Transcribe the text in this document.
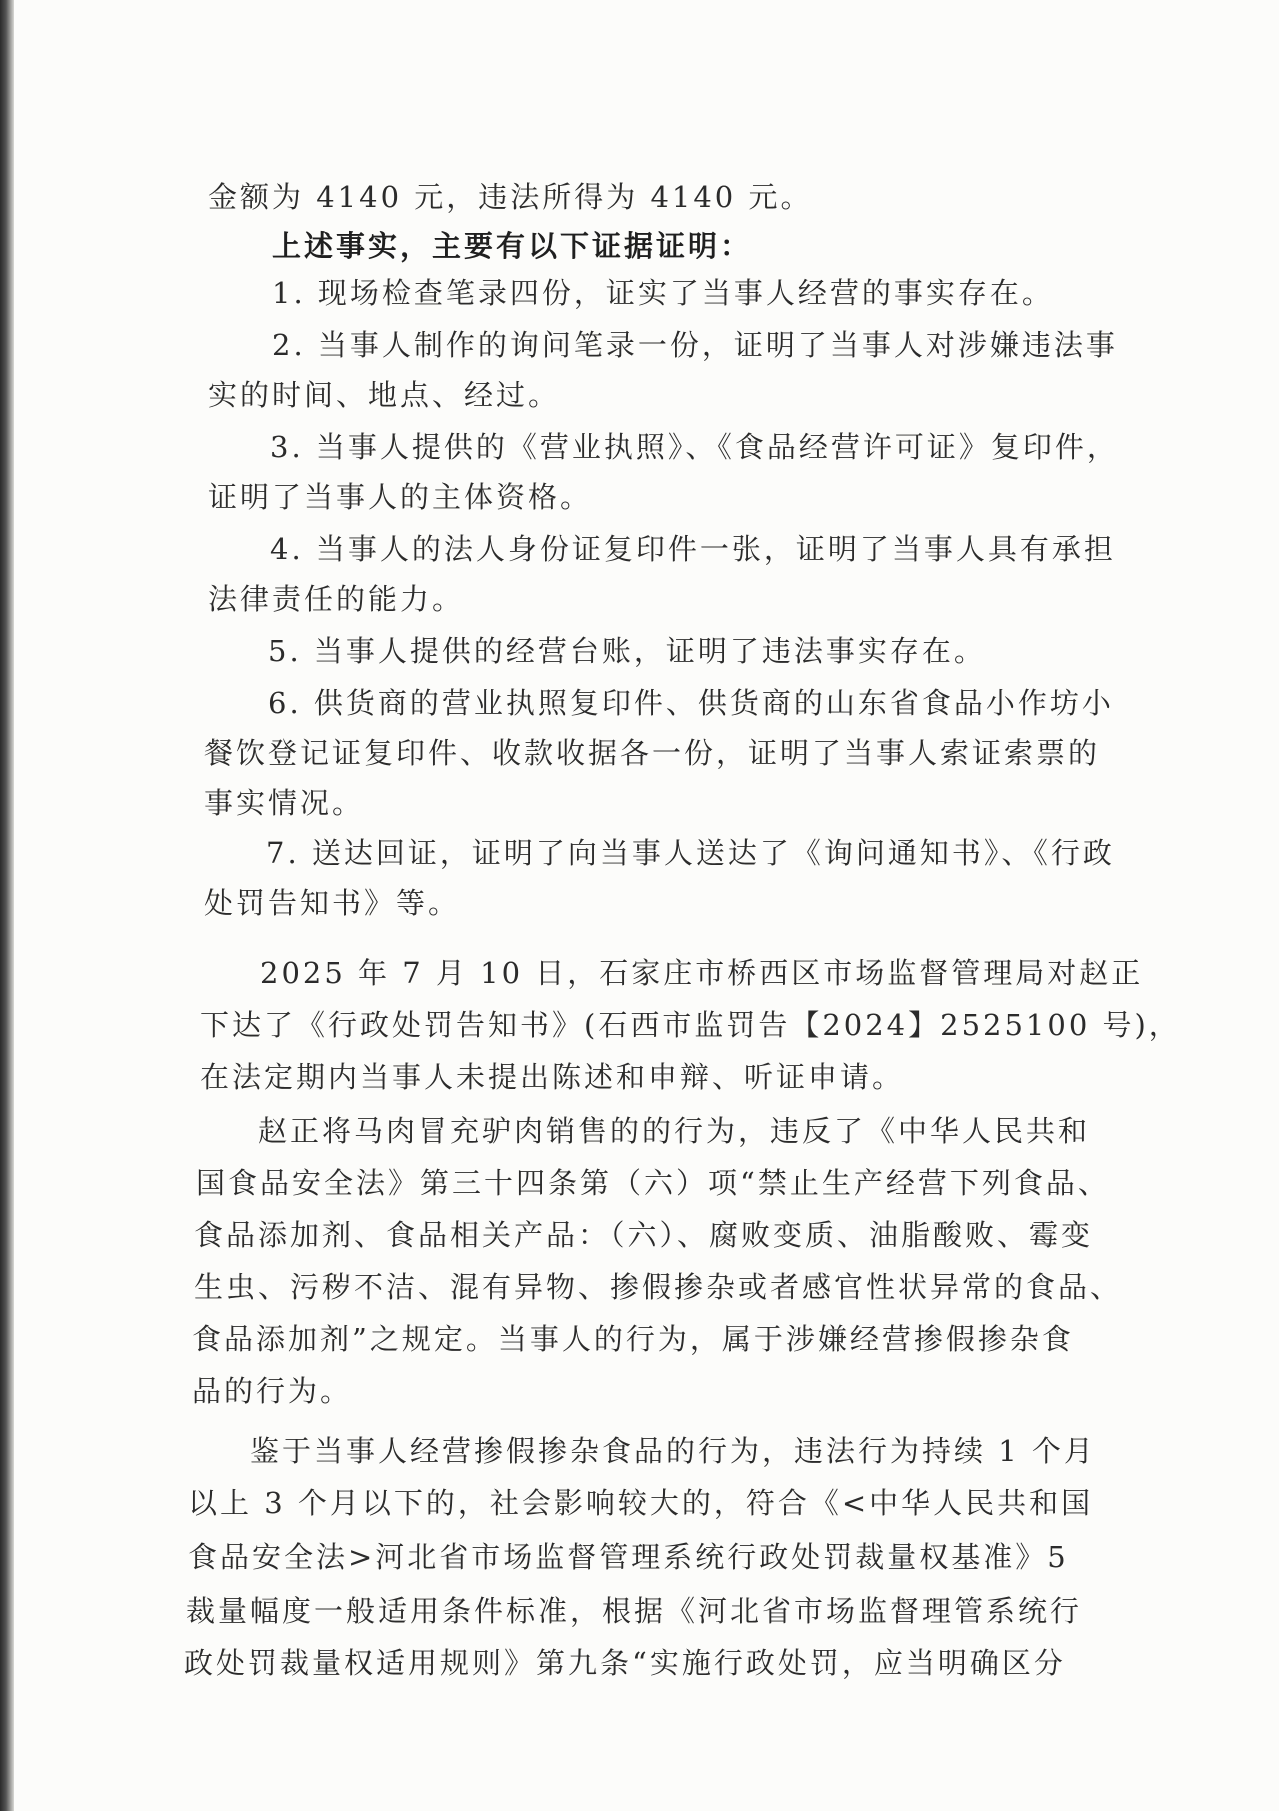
金额为 4140 元，违法所得为 4140 元。
上述事实，主要有以下证据证明：
1. 现场检查笔录四份，证实了当事人经营的事实存在。
2. 当事人制作的询问笔录一份，证明了当事人对涉嫌违法事
实的时间、地点、经过。
3. 当事人提供的《营业执照》、《食品经营许可证》复印件，
证明了当事人的主体资格。
4. 当事人的法人身份证复印件一张，证明了当事人具有承担
法律责任的能力。
5. 当事人提供的经营台账，证明了违法事实存在。
6. 供货商的营业执照复印件、供货商的山东省食品小作坊小
餐饮登记证复印件、收款收据各一份，证明了当事人索证索票的
事实情况。
7. 送达回证，证明了向当事人送达了《询问通知书》、《行政
处罚告知书》等。
2025 年 7 月 10 日，石家庄市桥西区市场监督管理局对赵正
下达了《行政处罚告知书》(石西市监罚告【2024】2525100 号)，
在法定期内当事人未提出陈述和申辩、听证申请。
赵正将马肉冒充驴肉销售的的行为，违反了《中华人民共和
国食品安全法》第三十四条第（六）项“禁止生产经营下列食品、
食品添加剂、食品相关产品：（六）、腐败变质、油脂酸败、霉变
生虫、污秽不洁、混有异物、掺假掺杂或者感官性状异常的食品、
食品添加剂”之规定。当事人的行为，属于涉嫌经营掺假掺杂食
品的行为。
鉴于当事人经营掺假掺杂食品的行为，违法行为持续 1 个月
以上 3 个月以下的，社会影响较大的，符合《<中华人民共和国
食品安全法>河北省市场监督管理系统行政处罚裁量权基准》5
裁量幅度一般适用条件标准，根据《河北省市场监督理管系统行
政处罚裁量权适用规则》第九条“实施行政处罚，应当明确区分
